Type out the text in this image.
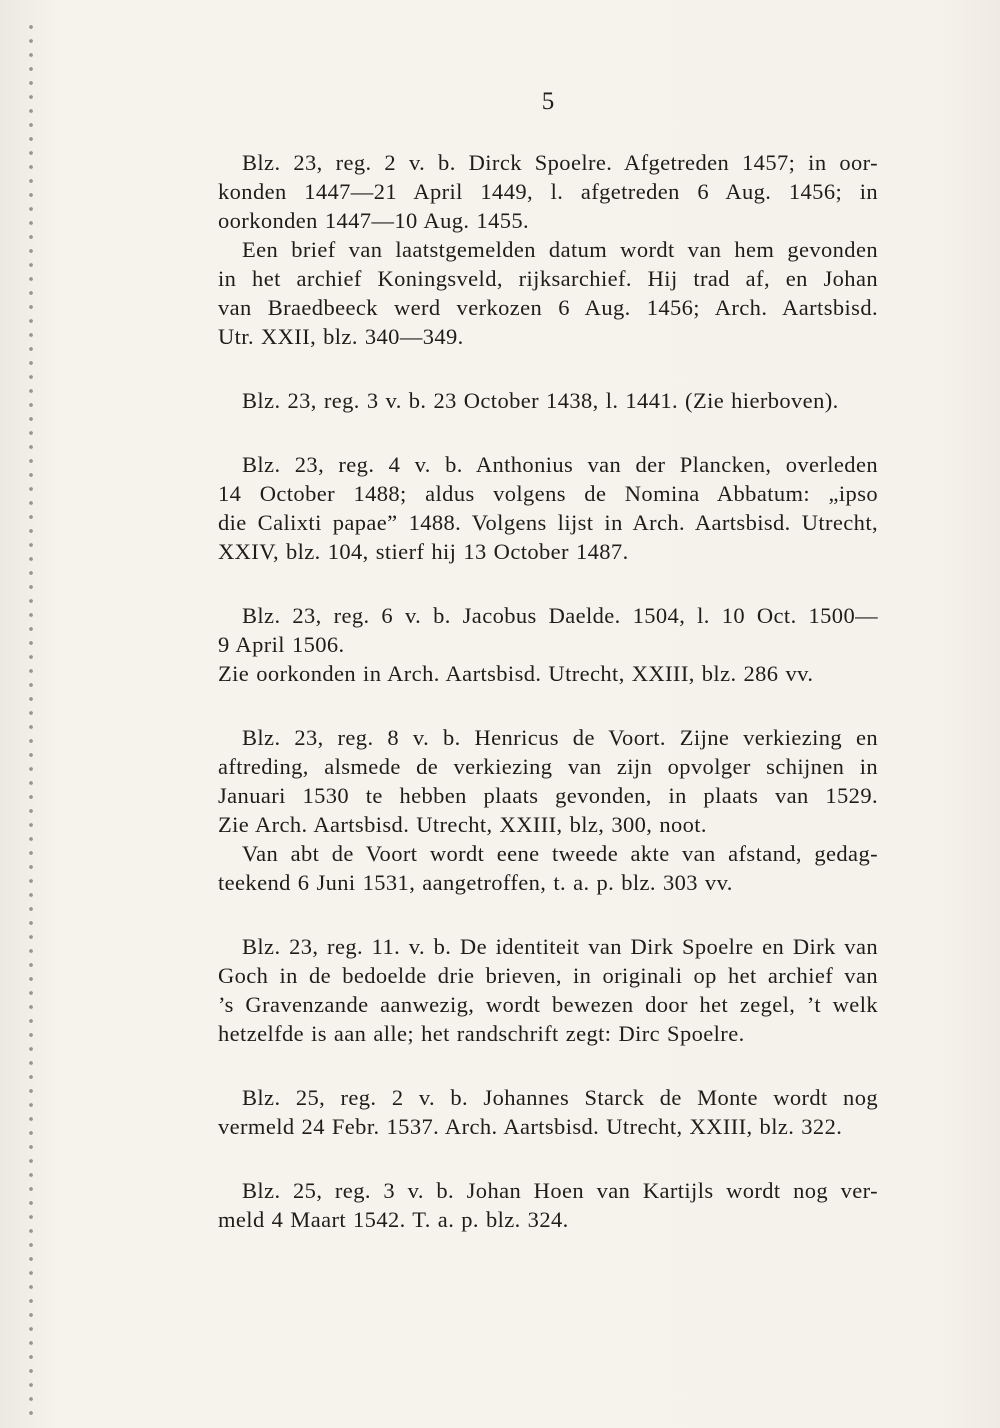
5
Blz. 23, reg. 2 v. b. Dirck Spoelre. Afgetreden 1457; in oor-
konden 1447—21 April 1449, l. afgetreden 6 Aug. 1456; in
oorkonden 1447—10 Aug. 1455.
Een brief van laatstgemelden datum wordt van hem gevonden
in het archief Koningsveld, rijksarchief. Hij trad af, en Johan
van Braedbeeck werd verkozen 6 Aug. 1456; Arch. Aartsbisd.
Utr. XXII, blz. 340—349.
Blz. 23, reg. 3 v. b. 23 October 1438, l. 1441. (Zie hierboven).
Blz. 23, reg. 4 v. b. Anthonius van der Plancken, overleden
14 October 1488; aldus volgens de Nomina Abbatum: „ipso
die Calixti papae” 1488. Volgens lijst in Arch. Aartsbisd. Utrecht,
XXIV, blz. 104, stierf hij 13 October 1487.
Blz. 23, reg. 6 v. b. Jacobus Daelde. 1504, l. 10 Oct. 1500—
9 April 1506.
Zie oorkonden in Arch. Aartsbisd. Utrecht, XXIII, blz. 286 vv.
Blz. 23, reg. 8 v. b. Henricus de Voort. Zijne verkiezing en
aftreding, alsmede de verkiezing van zijn opvolger schijnen in
Januari 1530 te hebben plaats gevonden, in plaats van 1529.
Zie Arch. Aartsbisd. Utrecht, XXIII, blz, 300, noot.
Van abt de Voort wordt eene tweede akte van afstand, gedag-
teekend 6 Juni 1531, aangetroffen, t. a. p. blz. 303 vv.
Blz. 23, reg. 11. v. b. De identiteit van Dirk Spoelre en Dirk van
Goch in de bedoelde drie brieven, in originali op het archief van
’s Gravenzande aanwezig, wordt bewezen door het zegel, ’t welk
hetzelfde is aan alle; het randschrift zegt: Dirc Spoelre.
Blz. 25, reg. 2 v. b. Johannes Starck de Monte wordt nog
vermeld 24 Febr. 1537. Arch. Aartsbisd. Utrecht, XXIII, blz. 322.
Blz. 25, reg. 3 v. b. Johan Hoen van Kartijls wordt nog ver-
meld 4 Maart 1542. T. a. p. blz. 324.
